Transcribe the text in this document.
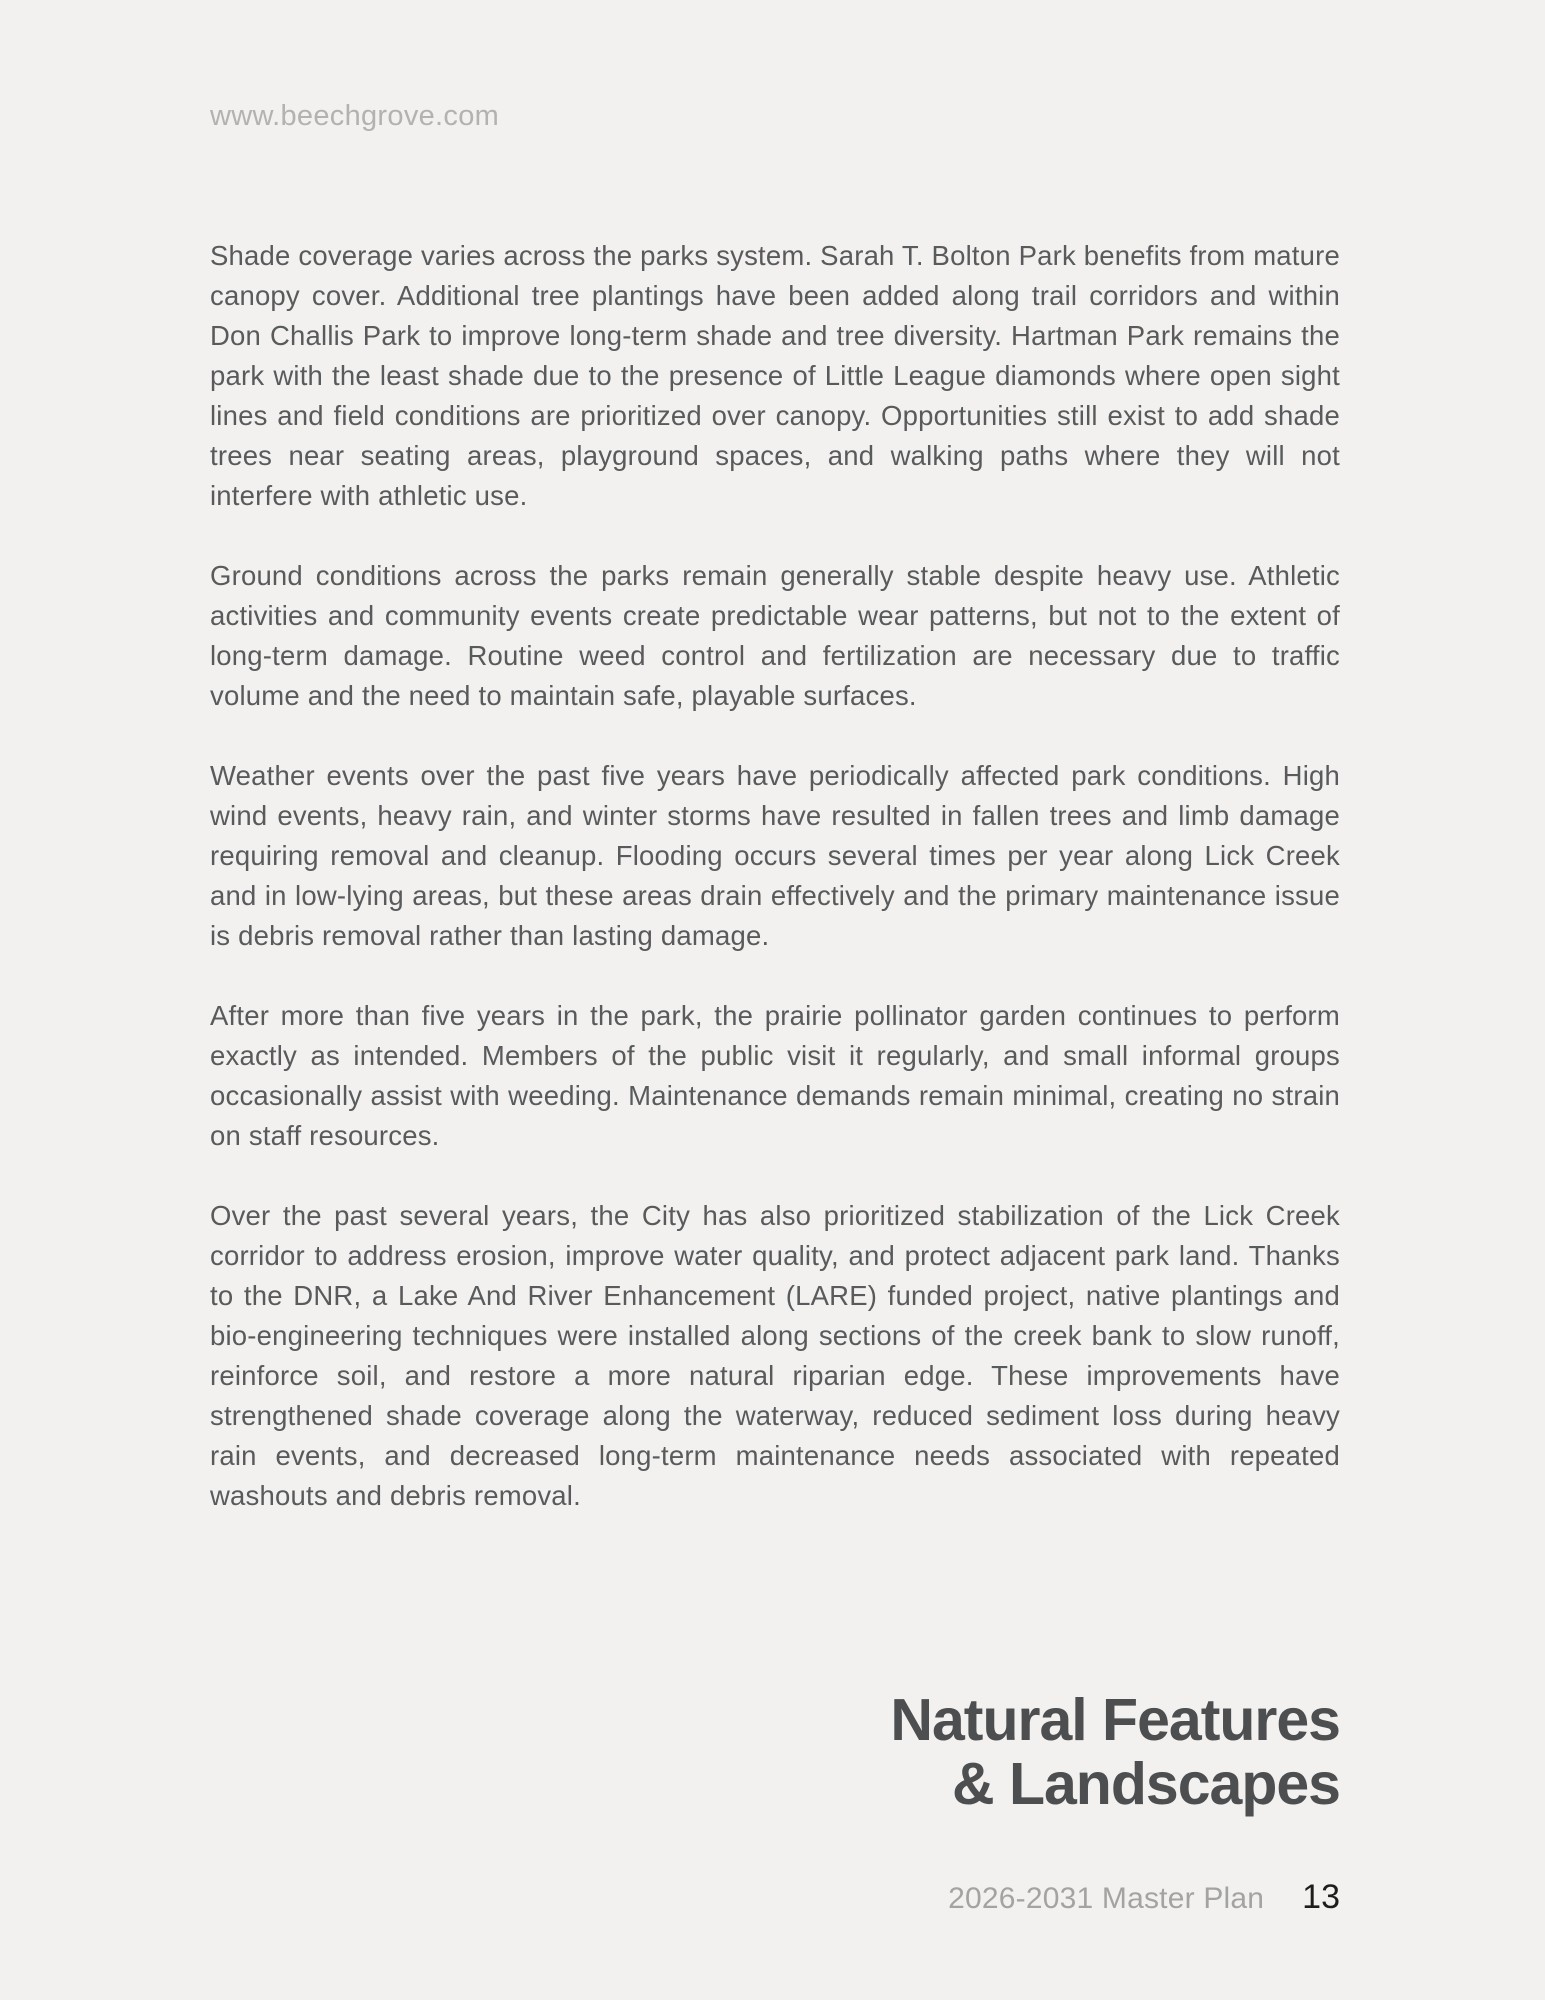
www.beechgrove.com

Shade coverage varies across the parks system. Sarah T. Bolton Park benefits from mature canopy cover. Additional tree plantings have been added along trail corridors and within Don Challis Park to improve long-term shade and tree diversity. Hartman Park remains the park with the least shade due to the presence of Little League diamonds where open sight lines and field conditions are prioritized over canopy. Opportunities still exist to add shade trees near seating areas, playground spaces, and walking paths where they will not interfere with athletic use.

Ground conditions across the parks remain generally stable despite heavy use. Athletic activities and community events create predictable wear patterns, but not to the extent of long-term damage. Routine weed control and fertilization are necessary due to traffic volume and the need to maintain safe, playable surfaces.

Weather events over the past five years have periodically affected park conditions. High wind events, heavy rain, and winter storms have resulted in fallen trees and limb damage requiring removal and cleanup. Flooding occurs several times per year along Lick Creek and in low-lying areas, but these areas drain effectively and the primary maintenance issue is debris removal rather than lasting damage.

After more than five years in the park, the prairie pollinator garden continues to perform exactly as intended. Members of the public visit it regularly, and small informal groups occasionally assist with weeding. Maintenance demands remain minimal, creating no strain on staff resources.

Over the past several years, the City has also prioritized stabilization of the Lick Creek corridor to address erosion, improve water quality, and protect adjacent park land. Thanks to the DNR, a Lake And River Enhancement (LARE) funded project, native plantings and bio-engineering techniques were installed along sections of the creek bank to slow runoff, reinforce soil, and restore a more natural riparian edge. These improvements have strengthened shade coverage along the waterway, reduced sediment loss during heavy rain events, and decreased long-term maintenance needs associated with repeated washouts and debris removal.

Natural Features
& Landscapes
2026-2031 Master Plan 13
